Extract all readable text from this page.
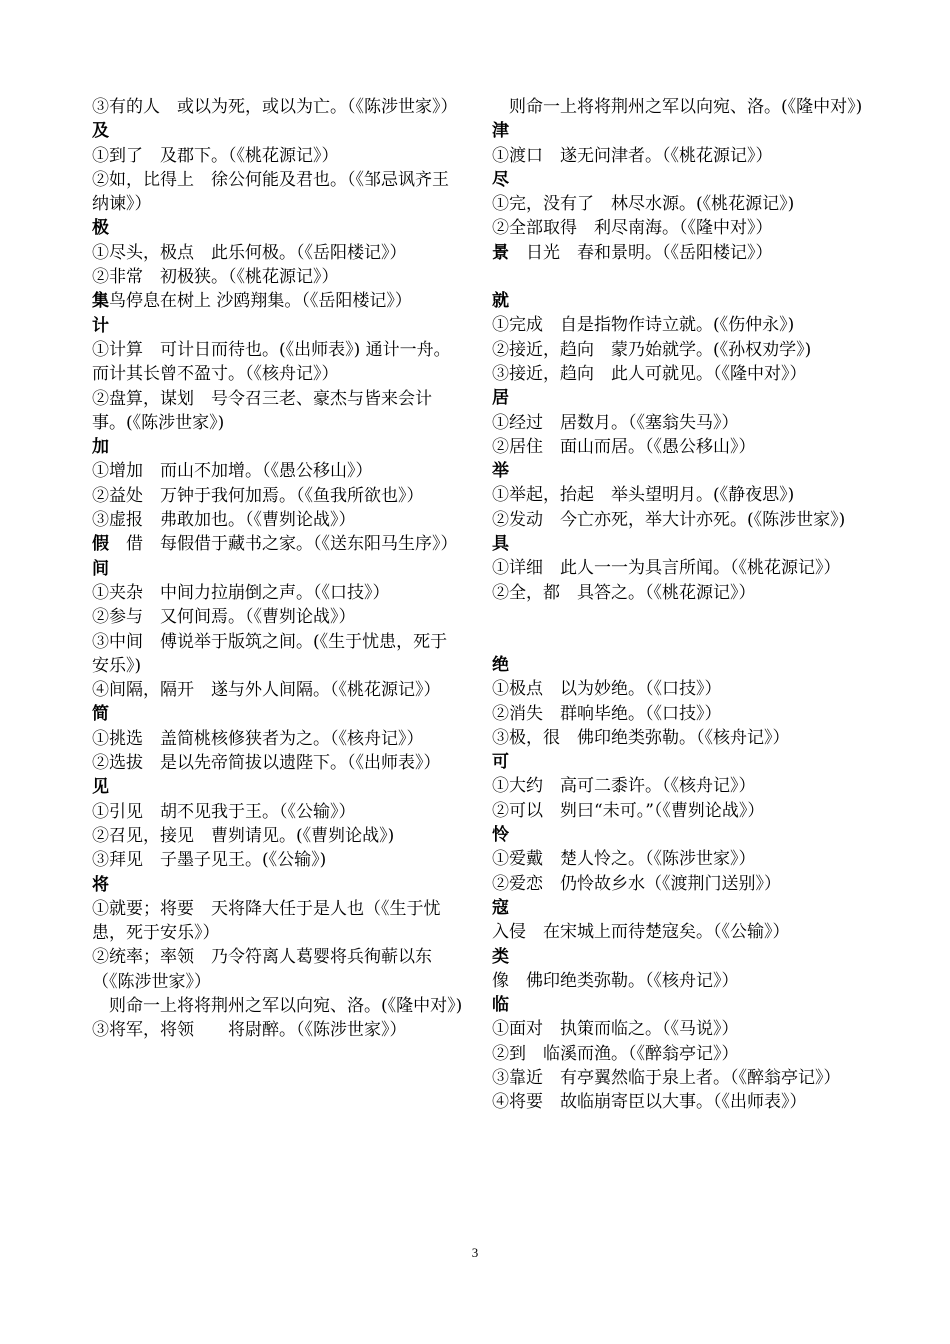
③有的人　或以为死，或以为亡。（《陈涉世家》）
及
①到了　及郡下。（《桃花源记》）
②如，比得上　徐公何能及君也。（《邹忌讽齐王纳谏》）
极
①尽头，极点　此乐何极。（《岳阳楼记》）
②非常　初极狭。（《桃花源记》）
集鸟停息在树上 沙鸥翔集。（《岳阳楼记》）
计
①计算　可计日而待也。(《出师表》) 通计一舟。　而计其长曾不盈寸。（《核舟记》）
②盘算，谋划　号令召三老、豪杰与皆来会计事。(《陈涉世家》)
加
①增加　而山不加增。（《愚公移山》）
②益处　万钟于我何加焉。（《鱼我所欲也》）
③虚报　弗敢加也。（《曹刿论战》）
假　借　每假借于藏书之家。（《送东阳马生序》）
间
①夹杂　中间力拉崩倒之声。（《口技》）
②参与　又何间焉。（《曹刿论战》）
③中间　傅说举于版筑之间。(《生于忧患，死于安乐》)
④间隔，隔开　遂与外人间隔。（《桃花源记》）
简
①挑选　盖简桃核修狭者为之。（《核舟记》）
②选拔　是以先帝简拔以遗陛下。（《出师表》）
见
①引见　胡不见我于王。（《公输》）
②召见，接见　曹刿请见。(《曹刿论战》)
③拜见　子墨子见王。(《公输》)
将
①就要；将要　天将降大任于是人也（《生于忧患，死于安乐》）
②统率；率领　乃令符离人葛婴将兵徇蕲以东（《陈涉世家》）
　则命一上将将荆州之军以向宛、洛。(《隆中对》)
③将军，将领　　将尉醉。（《陈涉世家》）
　则命一上将将荆州之军以向宛、洛。(《隆中对》)
津
①渡口　遂无问津者。（《桃花源记》）
尽
①完，没有了　林尽水源。(《桃花源记》)
②全部取得　利尽南海。（《隆中对》）
景　日光　春和景明。（《岳阳楼记》）
就
①完成　自是指物作诗立就。(《伤仲永》)
②接近，趋向　蒙乃始就学。(《孙权劝学》)
③接近，趋向　此人可就见。（《隆中对》）
居
①经过　居数月。（《塞翁失马》）
②居住　面山而居。（《愚公移山》）
举
①举起，抬起　举头望明月。(《静夜思》)
②发动　今亡亦死，举大计亦死。(《陈涉世家》)
具
①详细　此人一一为具言所闻。（《桃花源记》）
②全，都　具答之。（《桃花源记》）
绝
①极点　以为妙绝。（《口技》）
②消失　群响毕绝。（《口技》）
③极，很　佛印绝类弥勒。（《核舟记》）
可
①大约　高可二黍许。（《核舟记》）
②可以　刿曰“未可。”（《曹刿论战》）
怜
①爱戴　楚人怜之。（《陈涉世家》）
②爱恋　仍怜故乡水（《渡荆门送别》）
寇
入侵　在宋城上而待楚寇矣。（《公输》）
类
像　佛印绝类弥勒。（《核舟记》）
临
①面对　执策而临之。（《马说》）
②到　临溪而渔。（《醉翁亭记》）
③靠近　有亭翼然临于泉上者。（《醉翁亭记》）
④将要　故临崩寄臣以大事。（《出师表》）
3
